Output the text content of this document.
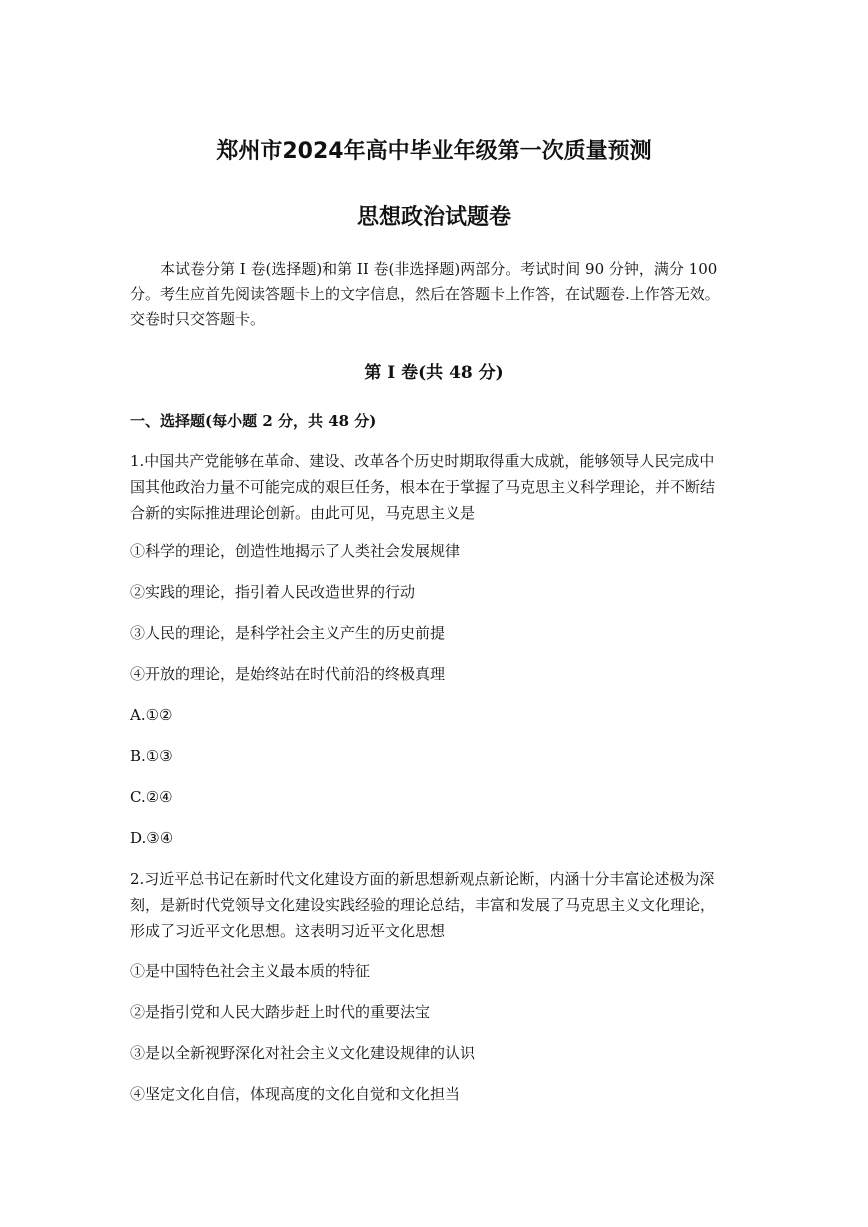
郑州市2024年高中毕业年级第一次质量预测
思想政治试题卷
本试卷分第 I 卷(选择题)和第 II 卷(非选择题)两部分。考试时间 90 分钟，满分 100
分。考生应首先阅读答题卡上的文字信息，然后在答题卡上作答，在试题卷.上作答无效。
交卷时只交答题卡。
第 I 卷(共 48 分)
一、选择题(每小题 2 分，共 48 分)
1.中国共产党能够在革命、建设、改革各个历史时期取得重大成就，能够领导人民完成中
国其他政治力量不可能完成的艰巨任务，根本在于掌握了马克思主义科学理论，并不断结
合新的实际推进理论创新。由此可见，马克思主义是
①科学的理论，创造性地揭示了人类社会发展规律
②实践的理论，指引着人民改造世界的行动
③人民的理论，是科学社会主义产生的历史前提
④开放的理论，是始终站在时代前沿的终极真理
A.①②
B.①③
C.②④
D.③④
2.习近平总书记在新时代文化建设方面的新思想新观点新论断，内涵十分丰富论述极为深
刻，是新时代党领导文化建设实践经验的理论总结，丰富和发展了马克思主义文化理论，
形成了习近平文化思想。这表明习近平文化思想
①是中国特色社会主义最本质的特征
②是指引党和人民大踏步赶上时代的重要法宝
③是以全新视野深化对社会主义文化建设规律的认识
④坚定文化自信，体现高度的文化自觉和文化担当
